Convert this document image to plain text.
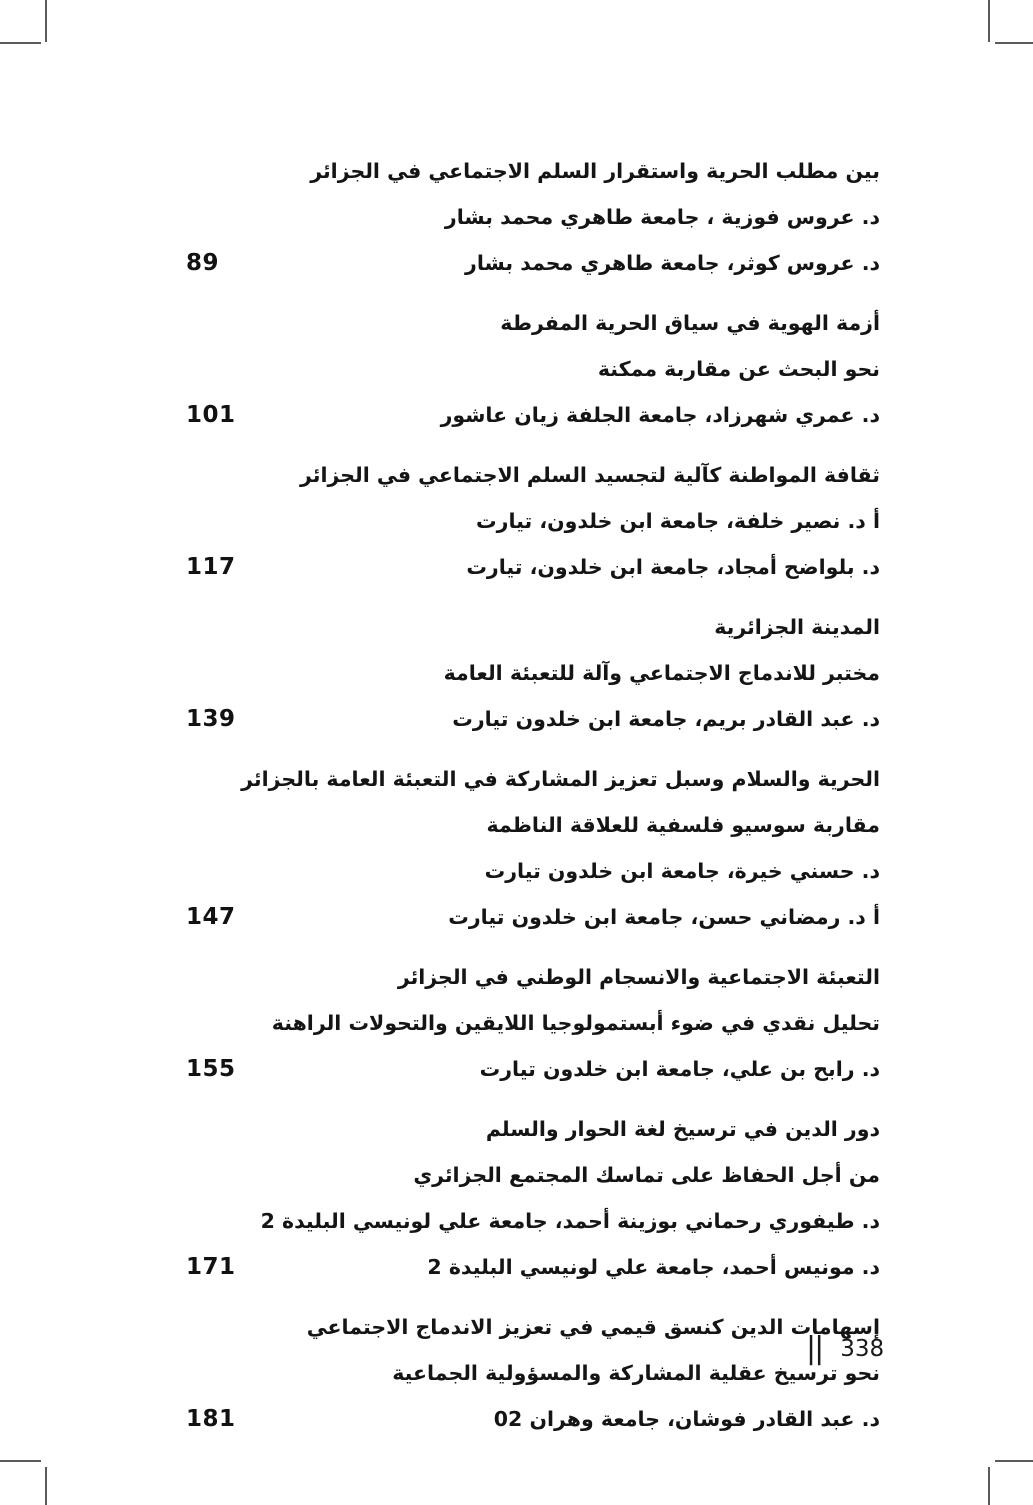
بين مطلب الحرية واستقرار السلم الاجتماعي في الجزائر
د. عروس فوزية ، جامعة طاهري محمد بشار
89	د. عروس كوثر، جامعة طاهري محمد بشار
أزمة الهوية في سياق الحرية المفرطة
نحو البحث عن مقاربة ممكنة
101	د. عمري شهرزاد، جامعة الجلفة زيان عاشور
ثقافة المواطنة كآلية لتجسيد السلم الاجتماعي في الجزائر
أ د. نصير خلفة، جامعة ابن خلدون، تيارت
117	د. بلواضح أمجاد، جامعة ابن خلدون، تيارت
المدينة الجزائرية
مختبر للاندماج الاجتماعي وآلة للتعبئة العامة
139	د. عبد القادر بريم، جامعة ابن خلدون تيارت
الحرية والسلام وسبل تعزيز المشاركة في التعبئة العامة بالجزائر
مقاربة سوسيو فلسفية للعلاقة الناظمة
د. حسني خيرة، جامعة ابن خلدون تيارت
147	أ د. رمضاني حسن، جامعة ابن خلدون تيارت
التعبئة الاجتماعية والانسجام الوطني في الجزائر
تحليل نقدي في ضوء أبستمولوجيا اللايقين والتحولات الراهنة
155	د. رابح بن علي، جامعة ابن خلدون تيارت
دور الدين في ترسيخ لغة الحوار والسلم
من أجل الحفاظ على تماسك المجتمع الجزائري
د. طيفوري رحماني بوزينة أحمد، جامعة علي لونيسي البليدة 2
171	د. مونيس أحمد، جامعة علي لونيسي البليدة 2
إسهامات الدين كنسق قيمي في تعزيز الاندماج الاجتماعي
نحو ترسيخ عقلية المشاركة والمسؤولية الجماعية
181	د. عبد القادر فوشان، جامعة وهران 02
|| 338
